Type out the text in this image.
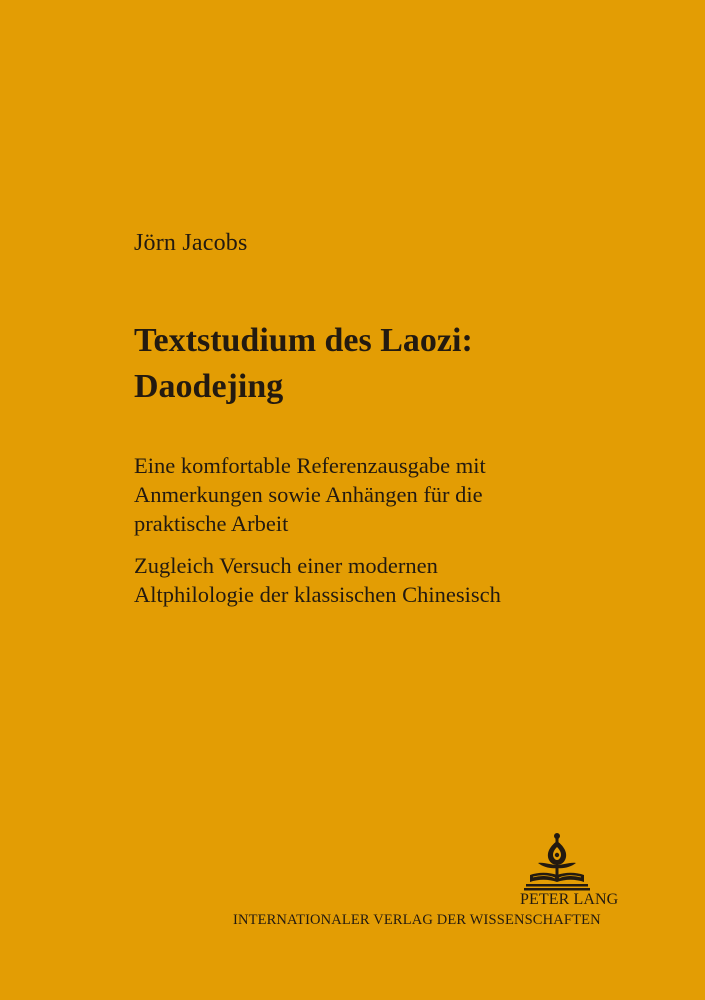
Jörn Jacobs
Textstudium des Laozi:
Daodejing
Eine komfortable Referenzausgabe mit
Anmerkungen sowie Anhängen für die
praktische Arbeit
Zugleich Versuch einer modernen
Altphilologie der klassischen Chinesisch
PETER LANG
INTERNATIONALER VERLAG DER WISSENSCHAFTEN
